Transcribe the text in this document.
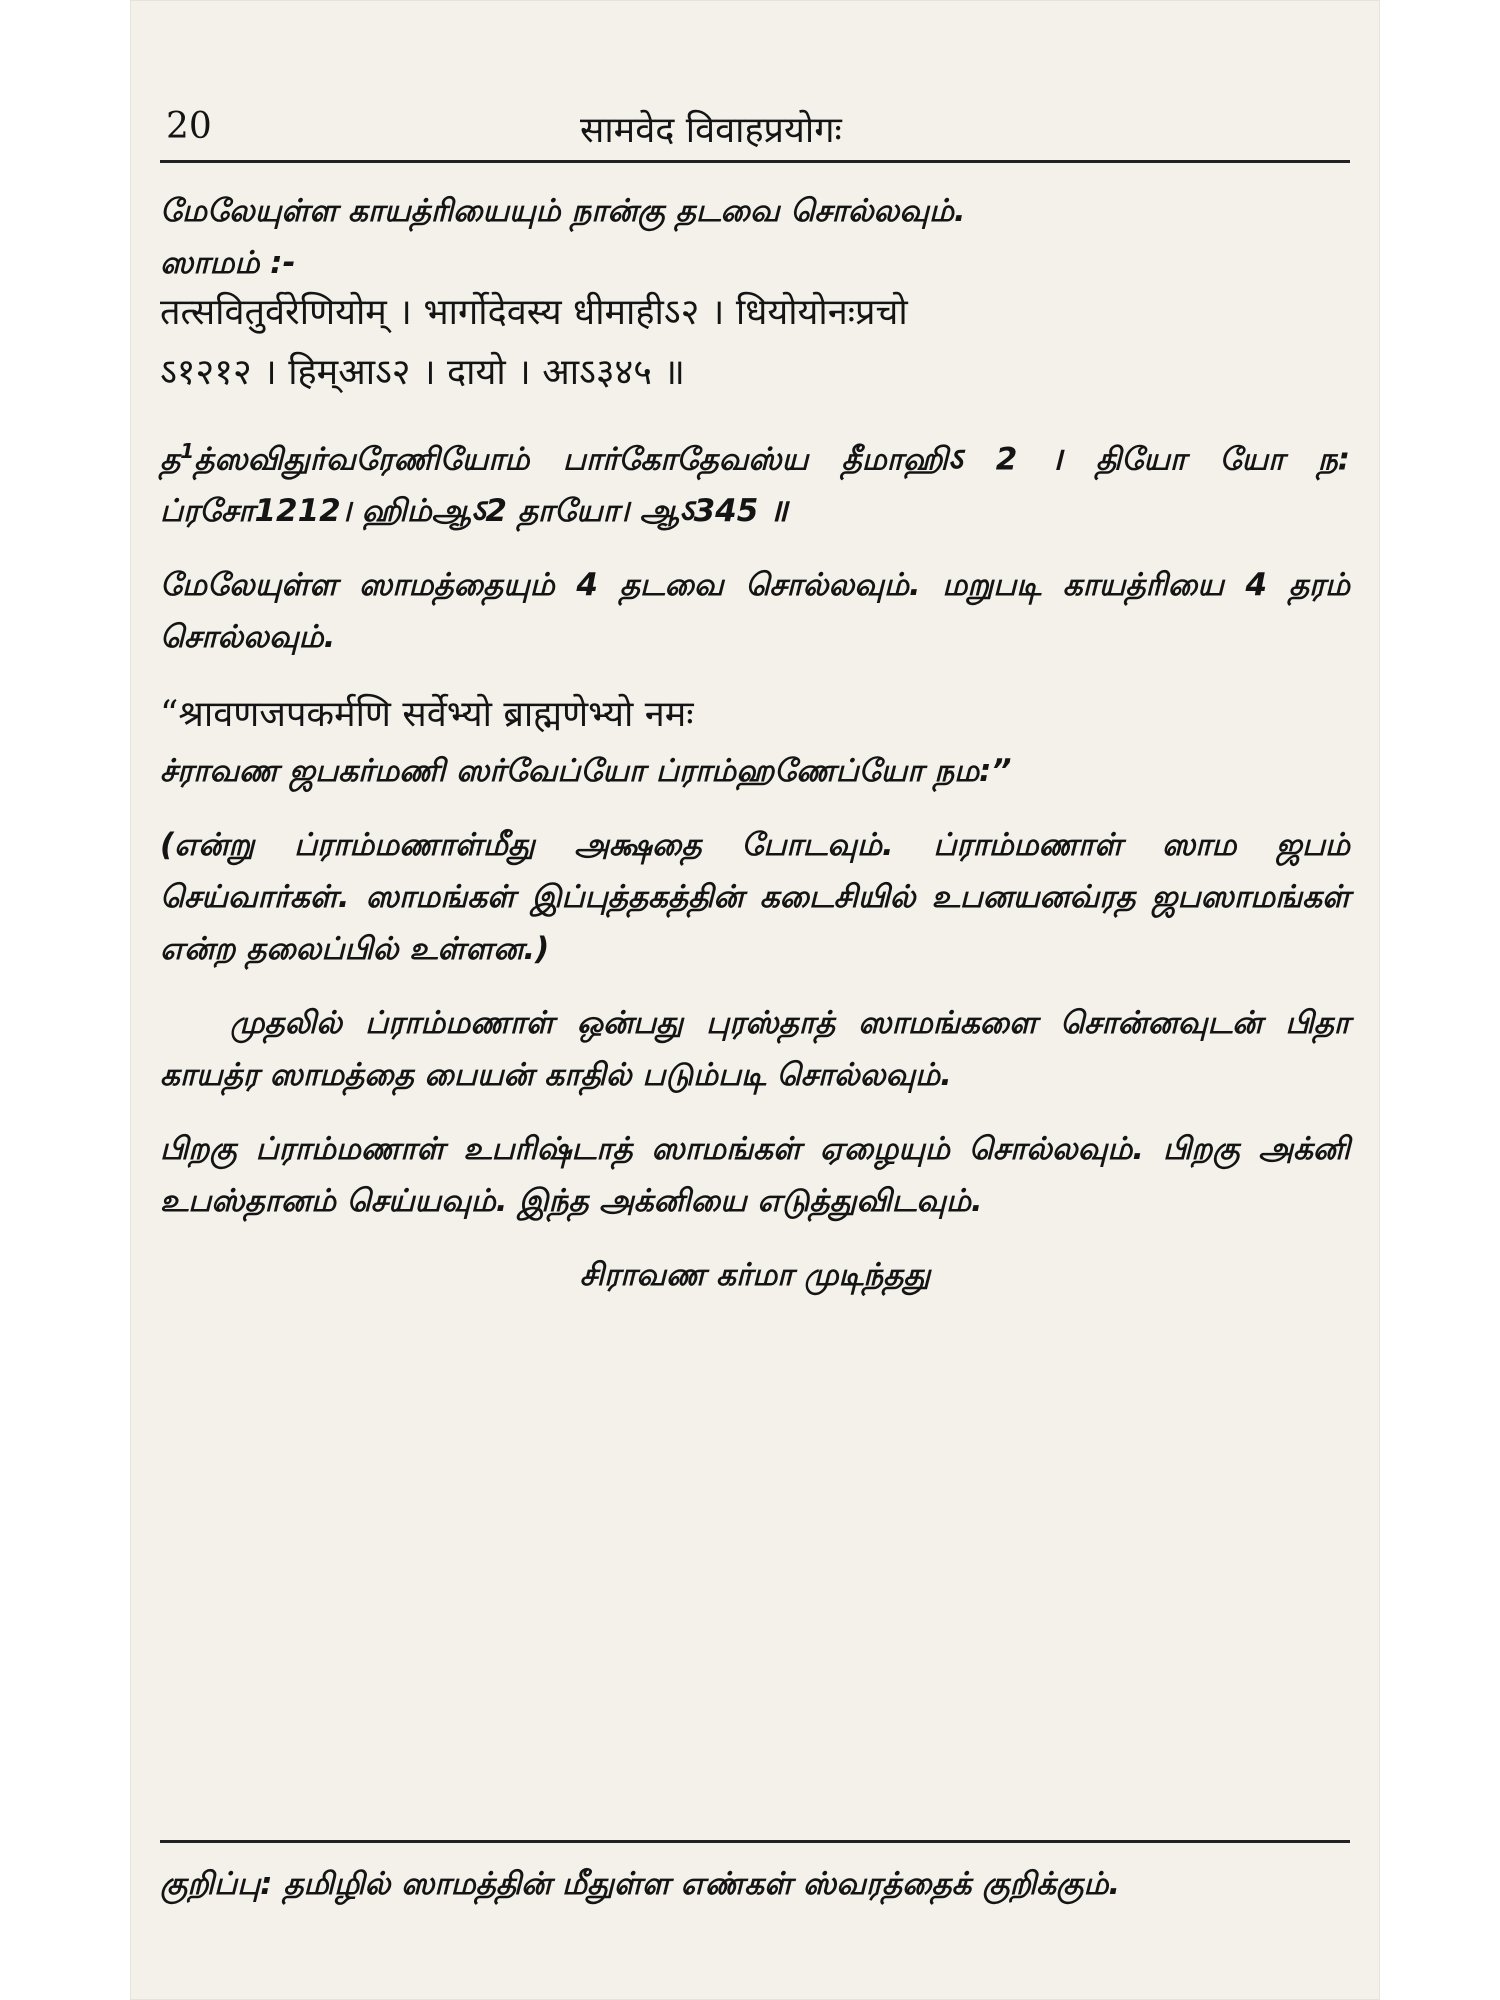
20	सामवेद विवाहप्रयोगः

மேலேயுள்ள காயத்ரியையும் நான்கு தடவை சொல்லவும்.

ஸாமம் :-

तत्सवितुर्वरेणियोम् । भार्गोदेवस्य धीमाहीऽ२ । धियोयोनःप्रचो

ऽ१२१२ । हिम्आऽ२ । दायो । आऽ३४५ ॥

த$^1$த்ஸவிதுர்வரேணியோம் பார்கோதேவஸ்ய தீமாஹிऽ 2 । தியோ யோ ந: ப்ரசோ1212। ஹிம்ஆऽ2 தாயோ। ஆऽ345 ॥

மேலேயுள்ள ஸாமத்தையும் 4 தடவை சொல்லவும். மறுபடி காயத்ரியை 4 தரம் சொல்லவும்.

“श्रावणजपकर्मणि सर्वेभ्यो ब्राह्मणेभ्यो नमः

ச்ராவண ஜபகர்மணி ஸர்வேப்யோ ப்ராம்ஹணேப்யோ நம:”

(என்று ப்ராம்மணாள்மீது அக்ஷதை போடவும். ப்ராம்மணாள் ஸாம ஜபம் செய்வார்கள். ஸாமங்கள் இப்புத்தகத்தின் கடைசியில் உபனயனவ்ரத ஜபஸாமங்கள் என்ற தலைப்பில் உள்ளன.)

முதலில் ப்ராம்மணாள் ஒன்பது புரஸ்தாத் ஸாமங்களை சொன்னவுடன் பிதா காயத்ர ஸாமத்தை பையன் காதில் படும்படி சொல்லவும்.

பிறகு ப்ராம்மணாள் உபரிஷ்டாத் ஸாமங்கள் ஏழையும் சொல்லவும். பிறகு அக்னி உபஸ்தானம் செய்யவும். இந்த அக்னியை எடுத்துவிடவும்.

சிராவண கர்மா முடிந்தது

குறிப்பு: தமிழில் ஸாமத்தின் மீதுள்ள எண்கள் ஸ்வரத்தைக் குறிக்கும்.
